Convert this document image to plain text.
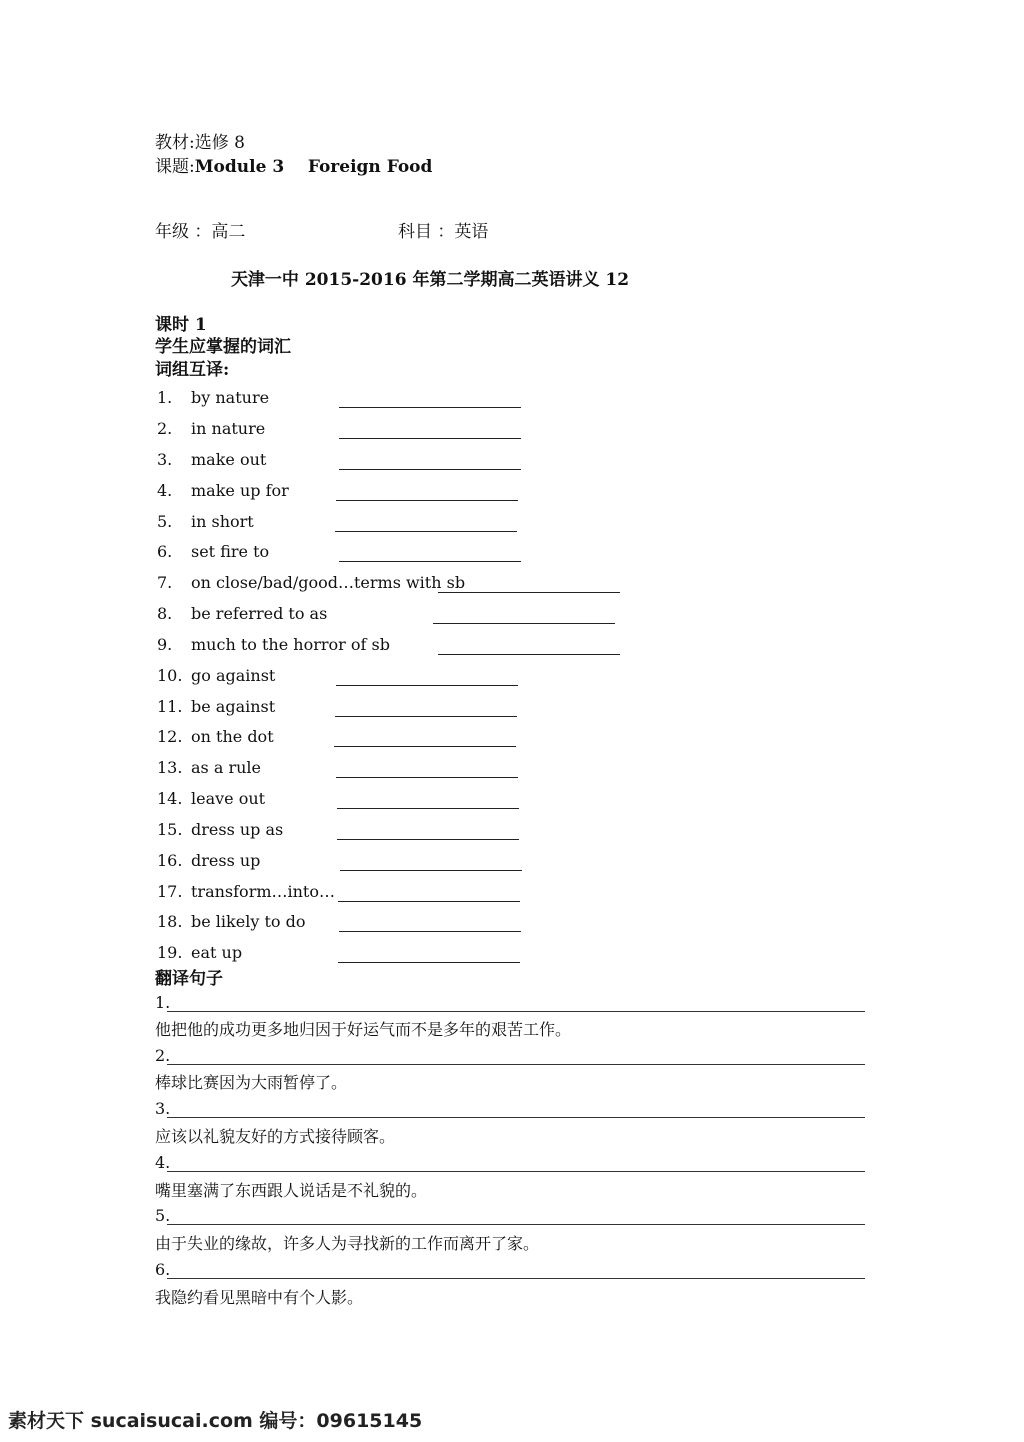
教材:选修 8
课题:Module 3    Foreign Food
年级 ：高二	科目 ：英语
天津一中 2015-2016 年第二学期高二英语讲义 12
课时 1
学生应掌握的词汇
词组互译:
1. by nature
2. in nature
3. make out
4. make up for
5. in short
6. set fire to
7. on close/bad/good…terms with sb
8. be referred to as
9. much to the horror of sb
10. go against
11. be against
12. on the dot
13. as a rule
14. leave out
15. dress up as
16. dress up
17. transform…into…
18. be likely to do
19. eat up
翻译句子
1.
他把他的成功更多地归因于好运气而不是多年的艰苦工作。
2.
棒球比赛因为大雨暂停了。
3.
应该以礼貌友好的方式接待顾客。
4.
嘴里塞满了东西跟人说话是不礼貌的。
5.
由于失业的缘故，许多人为寻找新的工作而离开了家。
6.
我隐约看见黑暗中有个人影。
素材天下 sucaisucai.com 编号：09615145
